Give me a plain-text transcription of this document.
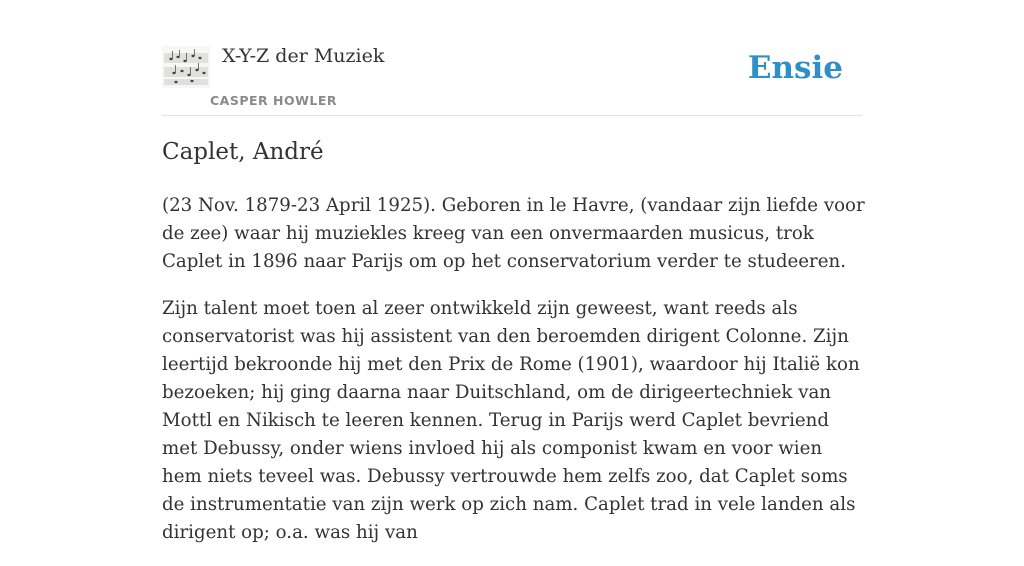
X-Y-Z der Muziek
CASPER HOWLER
Ensie
Caplet, André

(23 Nov. 1879-23 April 1925). Geboren in le Havre, (vandaar zijn liefde voor de zee) waar hij muziekles kreeg van een onvermaarden musicus, trok Caplet in 1896 naar Parijs om op het conservatorium verder te studeeren.

Zijn talent moet toen al zeer ontwikkeld zijn geweest, want reeds als conservatorist was hij assistent van den beroemden dirigent Colonne. Zijn leertijd bekroonde hij met den Prix de Rome (1901), waardoor hij Italië kon bezoeken; hij ging daarna naar Duitschland, om de dirigeertechniek van Mottl en Nikisch te leeren kennen. Terug in Parijs werd Caplet bevriend met Debussy, onder wiens invloed hij als componist kwam en voor wien hem niets teveel was. Debussy vertrouwde hem zelfs zoo, dat Caplet soms de instrumentatie van zijn werk op zich nam. Caplet trad in vele landen als dirigent op; o.a. was hij van
